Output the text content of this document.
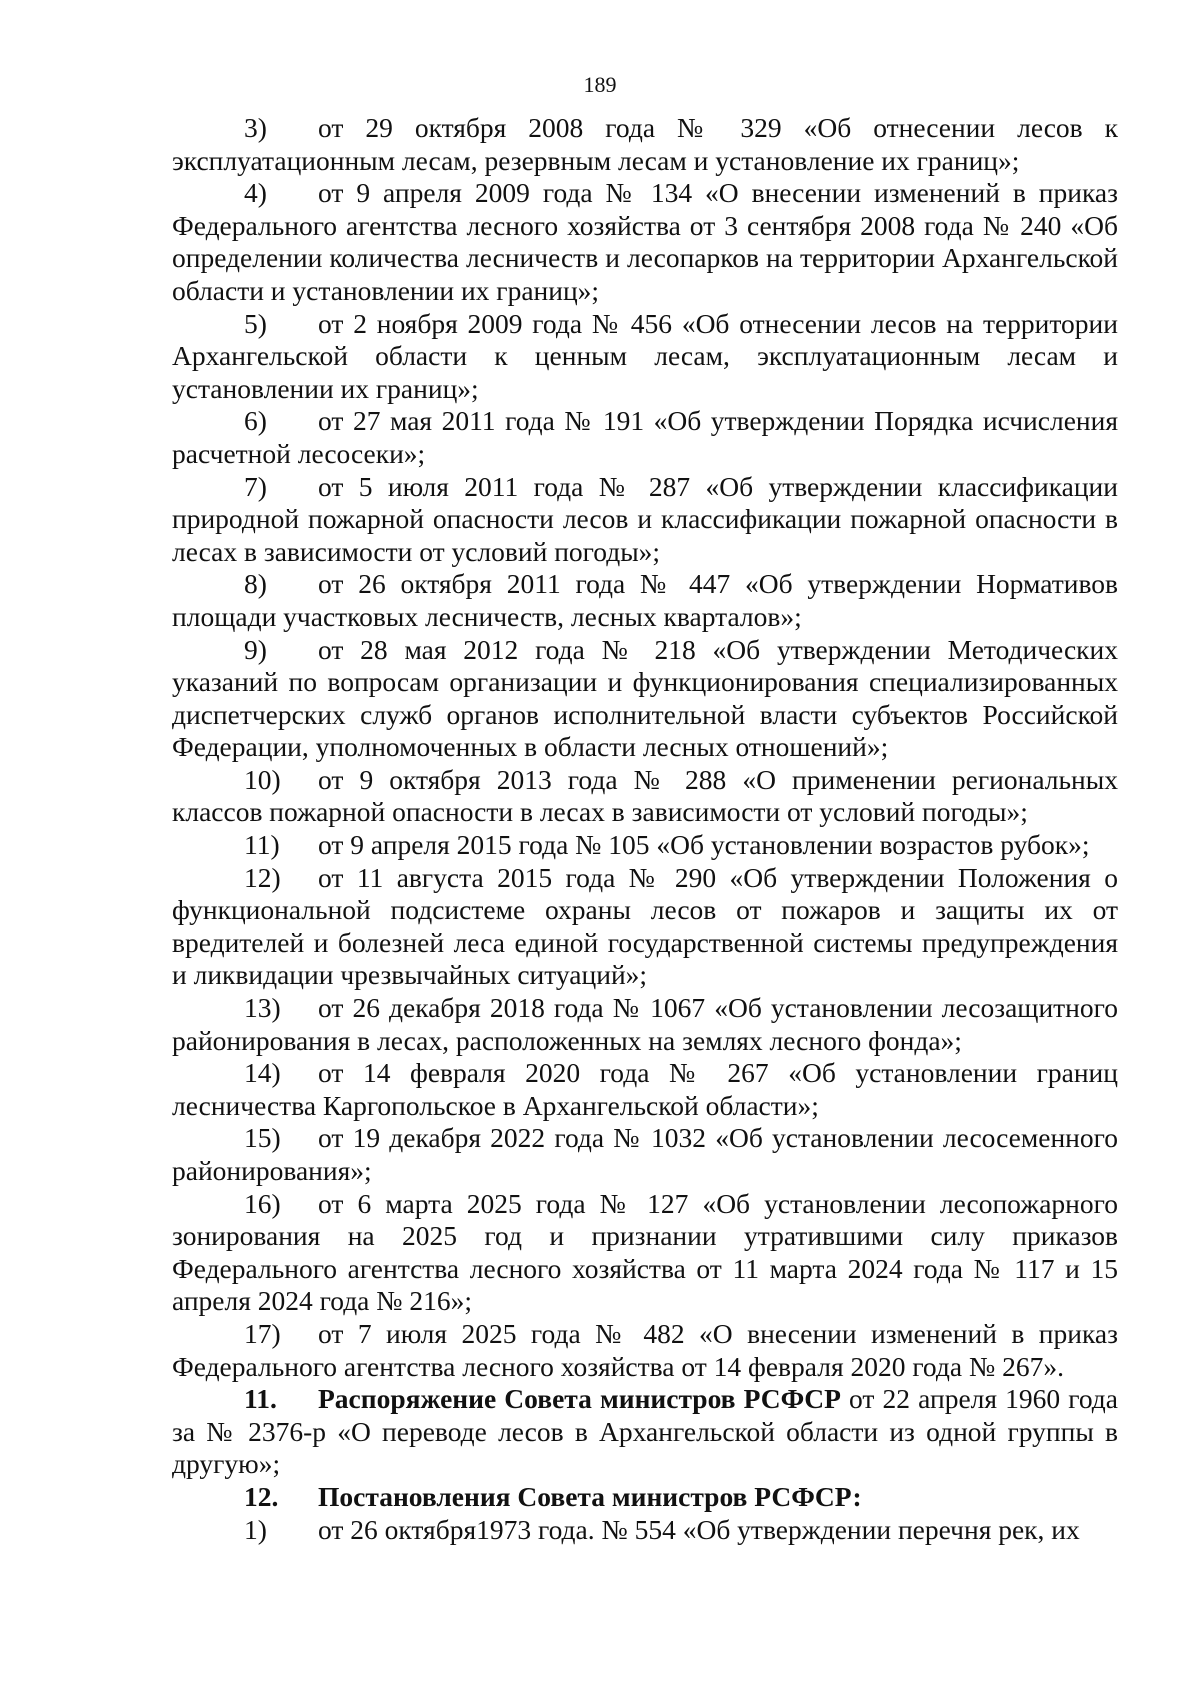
189

3) от 29 октября 2008 года № 329 «Об отнесении лесов к эксплуатационным лесам, резервным лесам и установление их границ»;

4) от 9 апреля 2009 года № 134 «О внесении изменений в приказ Федерального агентства лесного хозяйства от 3 сентября 2008 года № 240 «Об определении количества лесничеств и лесопарков на территории Архангельской области и установлении их границ»;

5) от 2 ноября 2009 года № 456 «Об отнесении лесов на территории Архангельской области к ценным лесам, эксплуатационным лесам и установлении их границ»;

6) от 27 мая 2011 года № 191 «Об утверждении Порядка исчисления расчетной лесосеки»;

7) от 5 июля 2011 года № 287 «Об утверждении классификации природной пожарной опасности лесов и классификации пожарной опасности в лесах в зависимости от условий погоды»;

8) от 26 октября 2011 года № 447 «Об утверждении Нормативов площади участковых лесничеств, лесных кварталов»;

9) от 28 мая 2012 года № 218 «Об утверждении Методических указаний по вопросам организации и функционирования специализированных диспетчерских служб органов исполнительной власти субъектов Российской Федерации, уполномоченных в области лесных отношений»;

10) от 9 октября 2013 года № 288 «О применении региональных классов пожарной опасности в лесах в зависимости от условий погоды»;

11) от 9 апреля 2015 года № 105 «Об установлении возрастов рубок»;

12) от 11 августа 2015 года № 290 «Об утверждении Положения о функциональной подсистеме охраны лесов от пожаров и защиты их от вредителей и болезней леса единой государственной системы предупреждения и ликвидации чрезвычайных ситуаций»;

13) от 26 декабря 2018 года № 1067 «Об установлении лесозащитного районирования в лесах, расположенных на землях лесного фонда»;

14) от 14 февраля 2020 года № 267 «Об установлении границ лесничества Каргопольское в Архангельской области»;

15) от 19 декабря 2022 года № 1032 «Об установлении лесосеменного районирования»;

16) от 6 марта 2025 года № 127 «Об установлении лесопожарного зонирования на 2025 год и признании утратившими силу приказов Федерального агентства лесного хозяйства от 11 марта 2024 года № 117 и 15 апреля 2024 года № 216»;

17) от 7 июля 2025 года № 482 «О внесении изменений в приказ Федерального агентства лесного хозяйства от 14 февраля 2020 года № 267».

11. Распоряжение Совета министров РСФСР от 22 апреля 1960 года за № 2376-р «О переводе лесов в Архангельской области из одной группы в другую»;

12. Постановления Совета министров РСФСР:

1) от 26 октября1973 года. № 554 «Об утверждении перечня рек, их
